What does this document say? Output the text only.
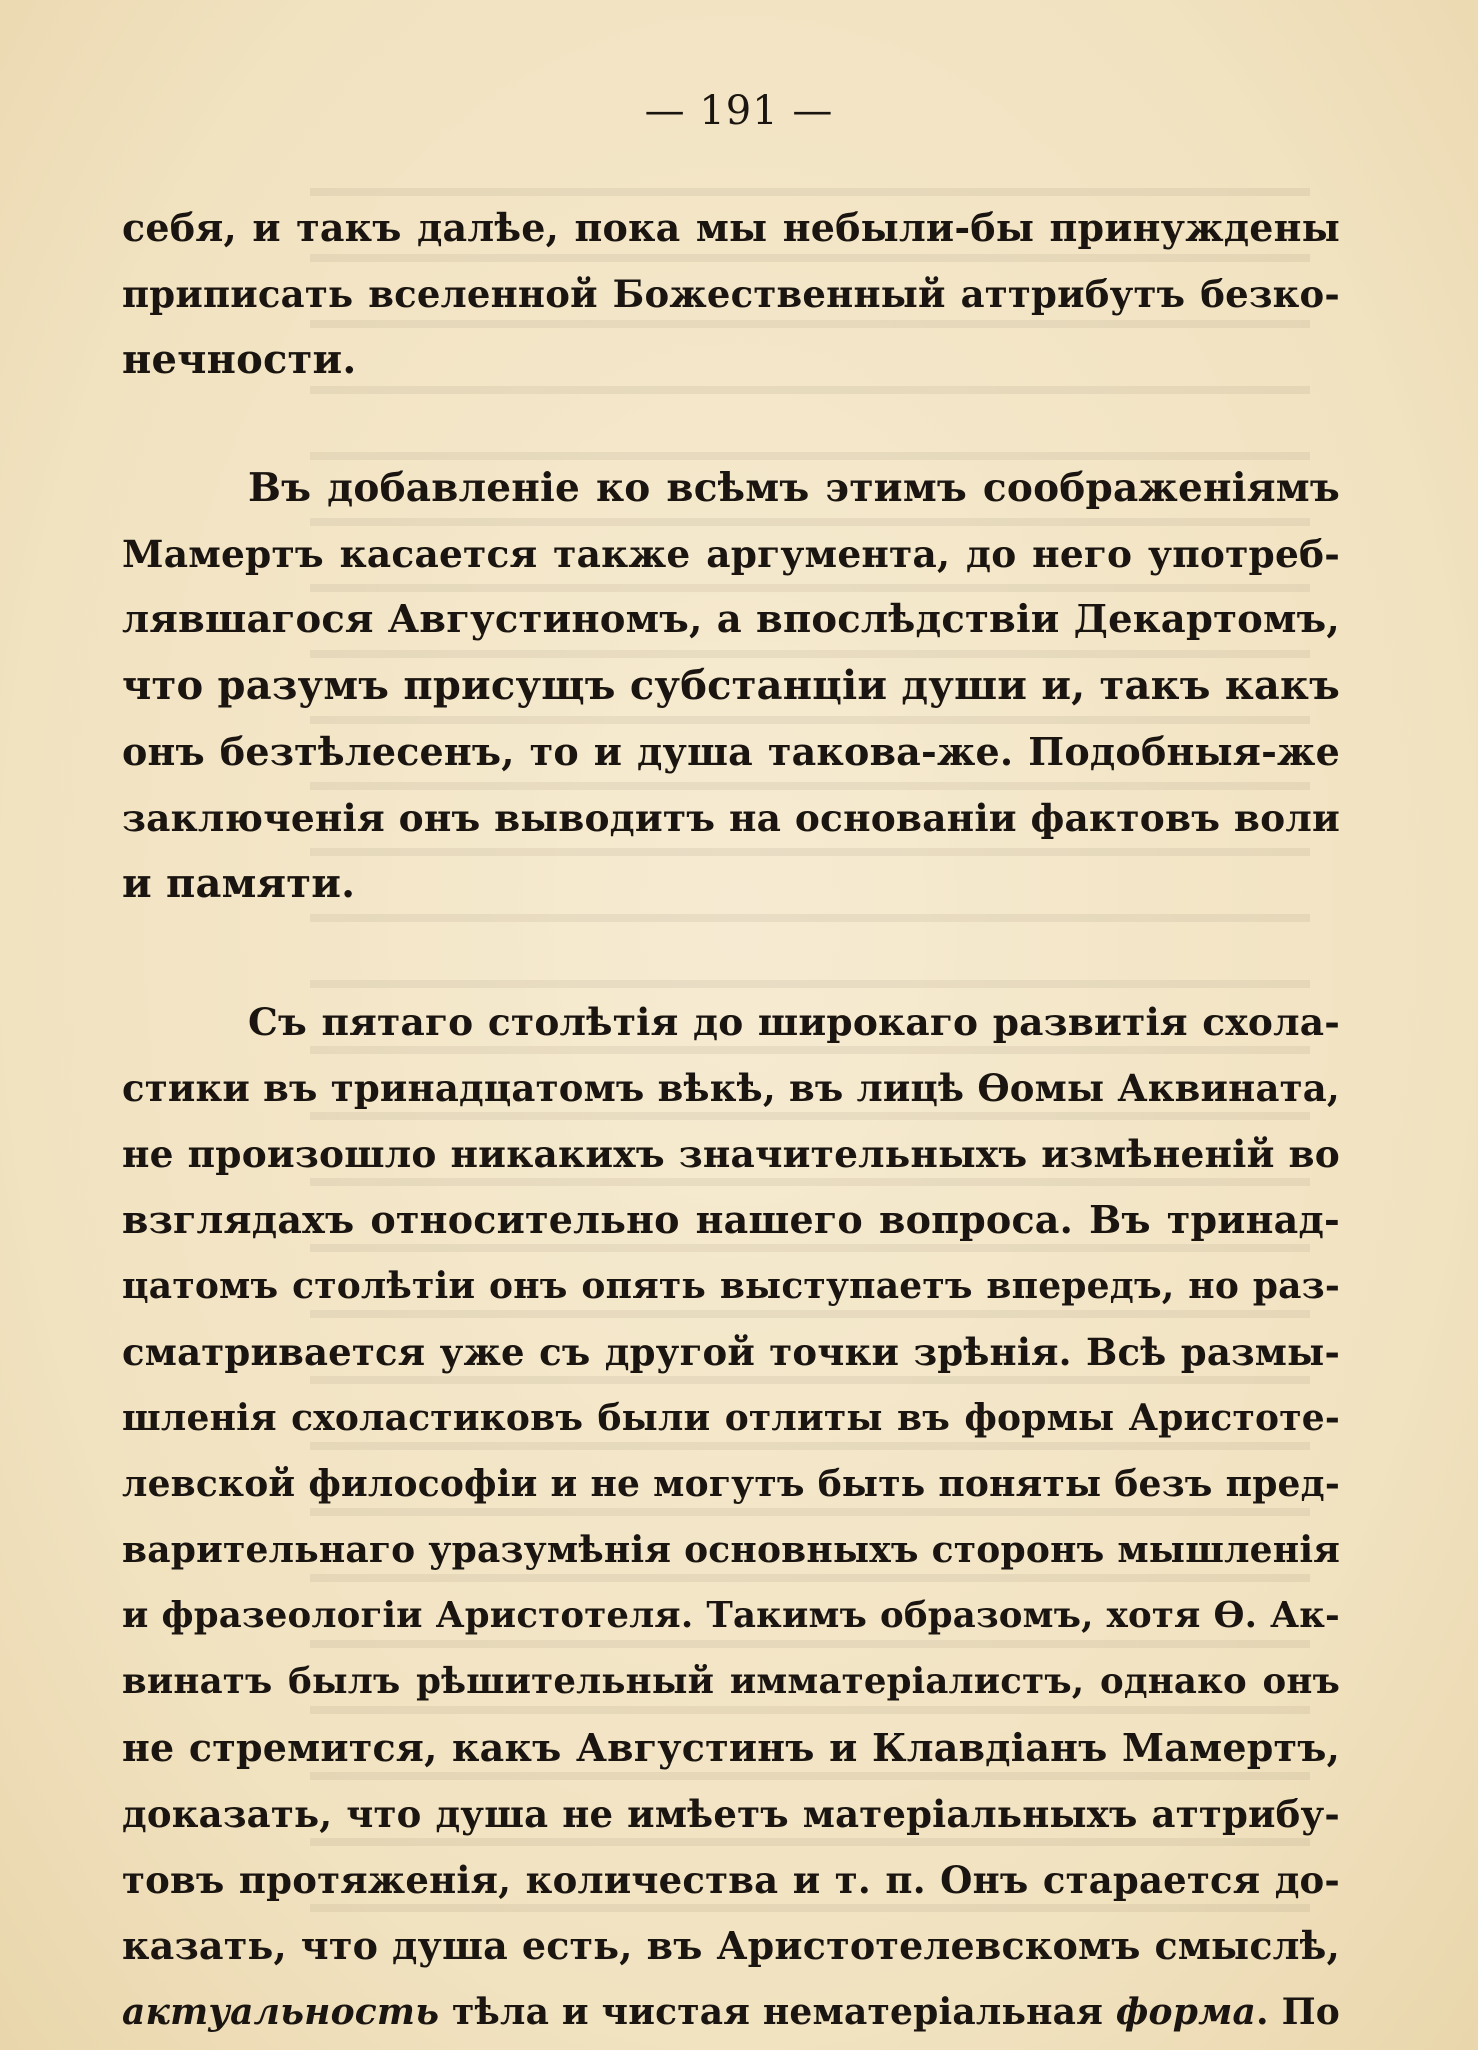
— 191 —
себя, и такъ далѣе, пока мы небыли-бы принуждены
приписать вселенной Божественный аттрибутъ безко-
нечности.
Въ добавленіе ко всѣмъ этимъ соображеніямъ
Мамертъ касается также аргумента, до него употреб-
лявшагося Августиномъ, а впослѣдствіи Декартомъ,
что разумъ присущъ субстанціи души и, такъ какъ
онъ безтѣлесенъ, то и душа такова-же. Подобныя-же
заключенія онъ выводитъ на основаніи фактовъ воли
и памяти.
Съ пятаго столѣтія до широкаго развитія схола-
стики въ тринадцатомъ вѣкѣ, въ лицѣ Ѳомы Аквината,
не произошло никакихъ значительныхъ измѣненій во
взглядахъ относительно нашего вопроса. Въ тринад-
цатомъ столѣтіи онъ опять выступаетъ впередъ, но раз-
сматривается уже съ другой точки зрѣнія. Всѣ размы-
шленія схоластиковъ были отлиты въ формы Аристоте-
левской философіи и не могутъ быть поняты безъ пред-
варительнаго уразумѣнія основныхъ сторонъ мышленія
и фразеологіи Аристотеля. Такимъ образомъ, хотя Ѳ. Ак-
винатъ былъ рѣшительный имматеріалистъ, однако онъ
не стремится, какъ Августинъ и Клавдіанъ Мамертъ,
доказать, что душа не имѣетъ матеріальныхъ аттрибу-
товъ протяженія, количества и т. п. Онъ старается до-
казать, что душа есть, въ Аристотелевскомъ смыслѣ,
актуальность тѣла и чистая нематеріальная форма. По
